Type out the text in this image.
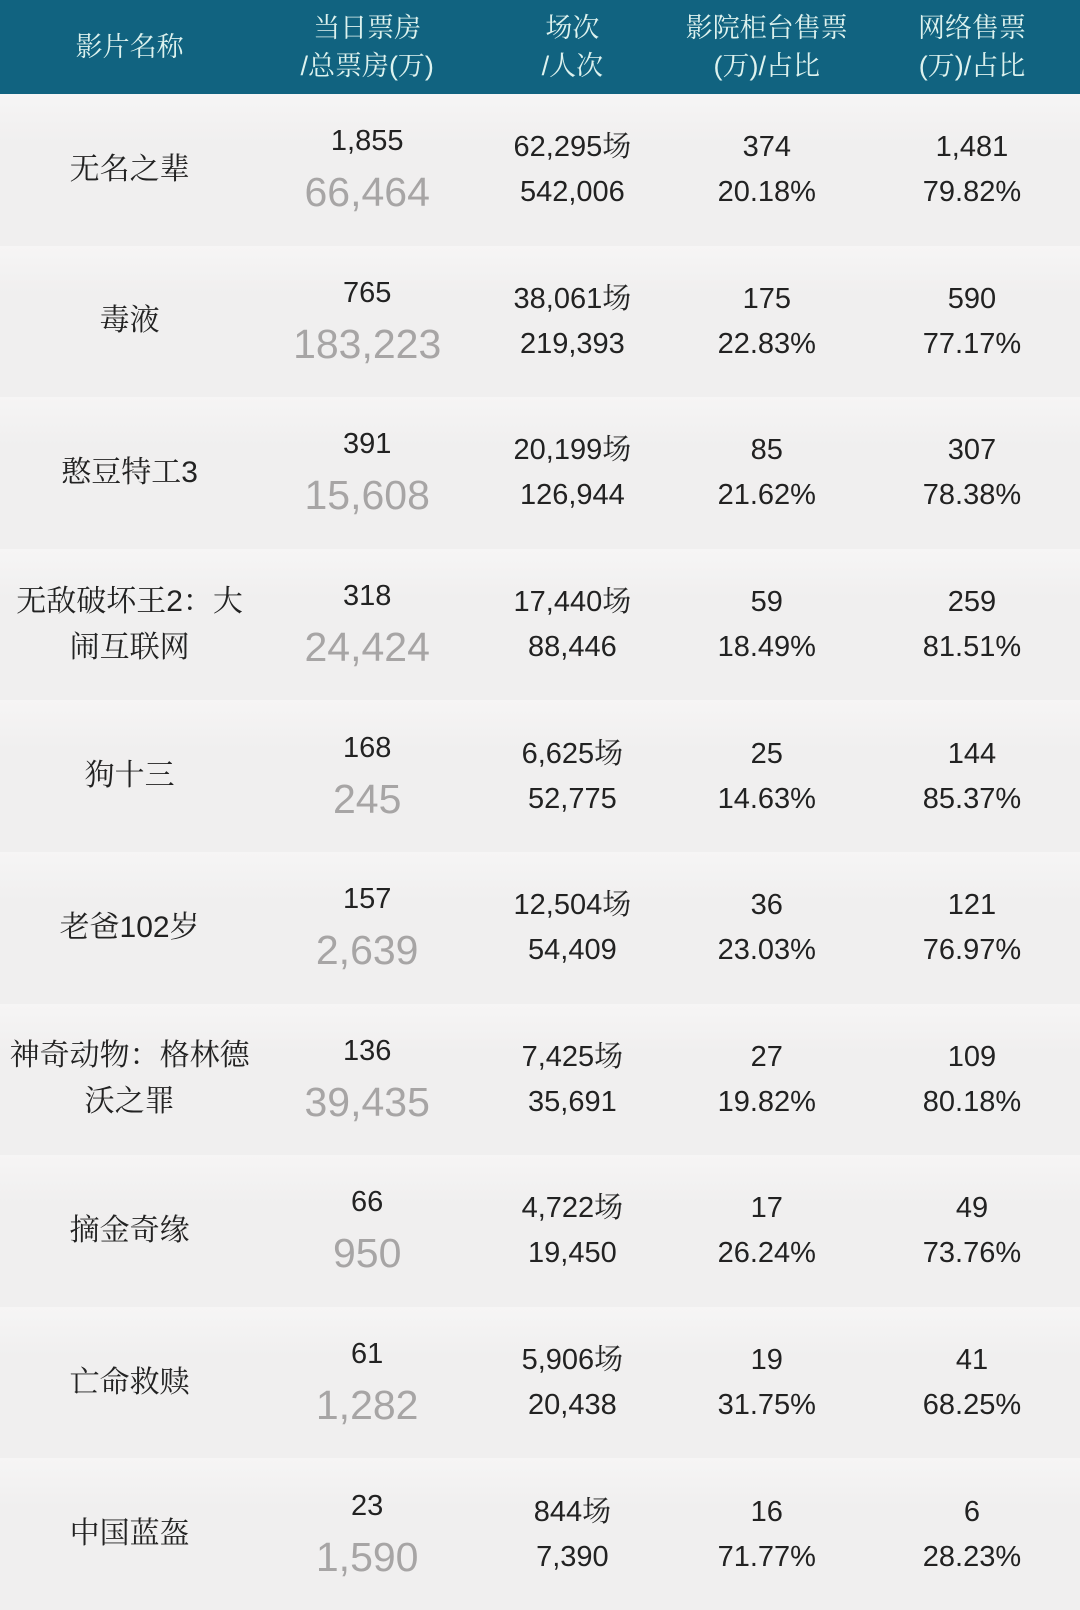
影片名称
当日票房
/总票房(万)
场次
/人次
影院柜台售票
(万)/占比
网络售票
(万)/占比
无名之辈
1,855
66,464
62,295场
542,006
374
20.18%
1,481
79.82%
毒液
765
183,223
38,061场
219,393
175
22.83%
590
77.17%
憨豆特工3
391
15,608
20,199场
126,944
85
21.62%
307
78.38%
无敌破坏王2：大闹互联网
318
24,424
17,440场
88,446
59
18.49%
259
81.51%
狗十三
168
245
6,625场
52,775
25
14.63%
144
85.37%
老爸102岁
157
2,639
12,504场
54,409
36
23.03%
121
76.97%
神奇动物：格林德沃之罪
136
39,435
7,425场
35,691
27
19.82%
109
80.18%
摘金奇缘
66
950
4,722场
19,450
17
26.24%
49
73.76%
亡命救赎
61
1,282
5,906场
20,438
19
31.75%
41
68.25%
中国蓝盔
23
1,590
844场
7,390
16
71.77%
6
28.23%
